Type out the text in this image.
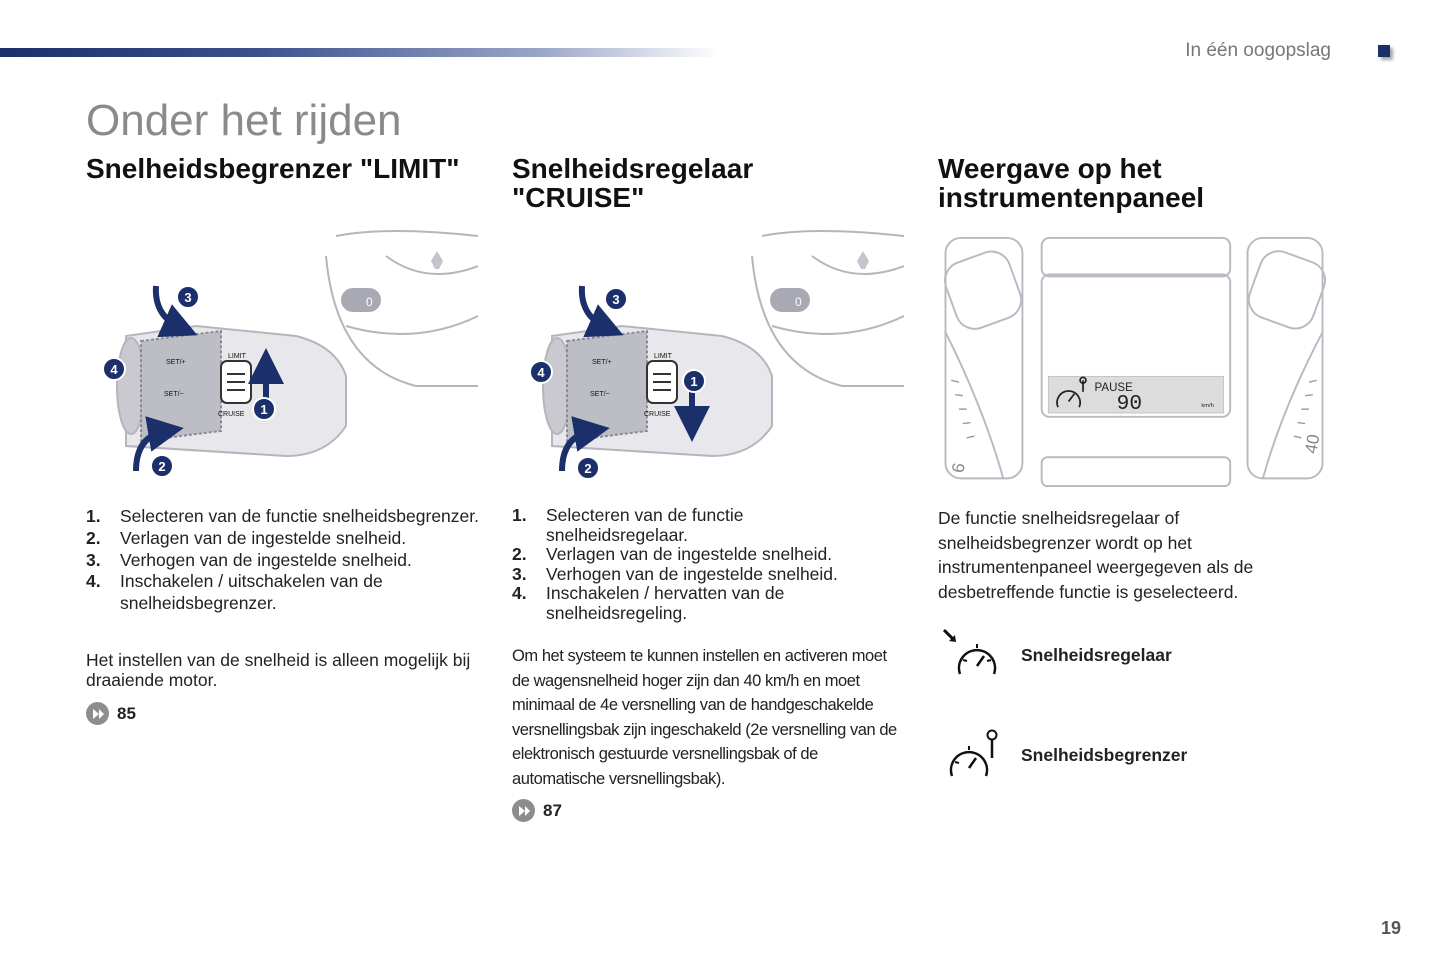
In één oogopslag
Onder het rijden
Snelheidsbegrenzer "LIMIT"
0
SET/+
SET/−
LIMIT
CRUISE 1
2
3
4
1. Selecteren van de functie snelheidsbegrenzer.
2. Verlagen van de ingestelde snelheid.
3. Verhogen van de ingestelde snelheid.
4. Inschakelen / uitschakelen van de snelheidsbegrenzer.

Het instellen van de snelheid is alleen mogelijk bij draaiende motor.

85
Snelheidsregelaar "CRUISE"
0
SET/+
SET/−
LIMIT
CRUISE
1
2
3
4
1. Selecteren van de functie snelheidsregelaar.
2. Verlagen van de ingestelde snelheid.
3. Verhogen van de ingestelde snelheid.
4. Inschakelen / hervatten van de snelheidsregeling.

Om het systeem te kunnen instellen en activeren moet de wagensnelheid hoger zijn dan 40 km/h en moet minimaal de 4e versnelling van de handgeschakelde versnellingsbak zijn ingeschakeld (2e versnelling van de elektronisch gestuurde versnellingsbak of de automatische versnellingsbak).

87
Weergave op het instrumentenpaneel
6
40
PAUSE
90	km/h

De functie snelheidsregelaar of snelheidsbegrenzer wordt op het instrumentenpaneel weergegeven als de desbetreffende functie is geselecteerd.

Snelheidsregelaar
Snelheidsbegrenzer
19
